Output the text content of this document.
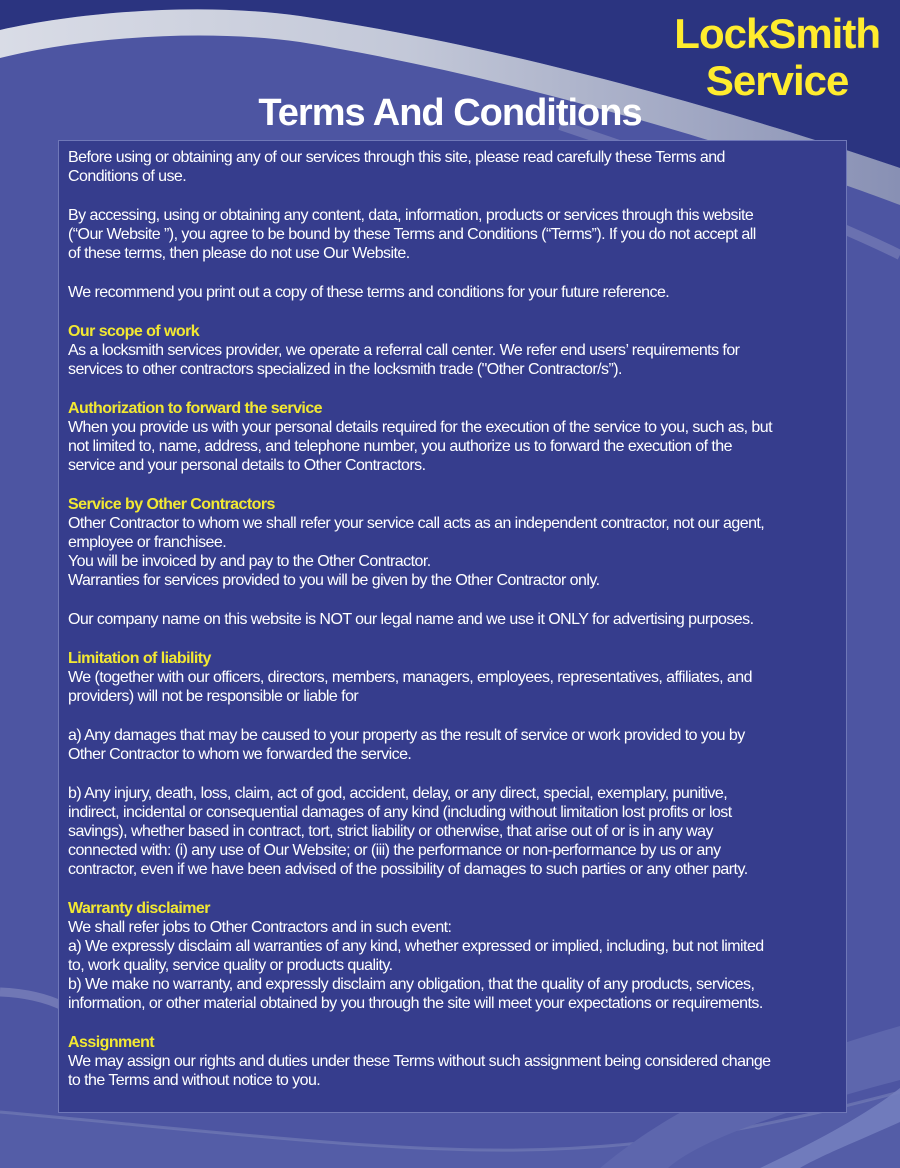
LockSmith
Service
Terms And Conditions
Before using or obtaining any of our services through this site, please read carefully these Terms and
Conditions of use.
By accessing, using or obtaining any content, data, information, products or services through this website
(“Our Website ”), you agree to be bound by these Terms and Conditions (“Terms”). If you do not accept all
of these terms, then please do not use Our Website.
We recommend you print out a copy of these terms and conditions for your future reference.
Our scope of work
As a locksmith services provider, we operate a referral call center. We refer end users’ requirements for
services to other contractors specialized in the locksmith trade ("Other Contractor/s”).
Authorization to forward the service
When you provide us with your personal details required for the execution of the service to you, such as, but
not limited to, name, address, and telephone number, you authorize us to forward the execution of the
service and your personal details to Other Contractors.
Service by Other Contractors
Other Contractor to whom we shall refer your service call acts as an independent contractor, not our agent,
employee or franchisee.
You will be invoiced by and pay to the Other Contractor.
Warranties for services provided to you will be given by the Other Contractor only.
Our company name on this website is NOT our legal name and we use it ONLY for advertising purposes.
Limitation of liability
We (together with our officers, directors, members, managers, employees, representatives, affiliates, and
providers) will not be responsible or liable for
a) Any damages that may be caused to your property as the result of service or work provided to you by
Other Contractor to whom we forwarded the service.
b) Any injury, death, loss, claim, act of god, accident, delay, or any direct, special, exemplary, punitive,
indirect, incidental or consequential damages of any kind (including without limitation lost profits or lost
savings), whether based in contract, tort, strict liability or otherwise, that arise out of or is in any way
connected with: (i) any use of Our Website; or (iii) the performance or non-performance by us or any
contractor, even if we have been advised of the possibility of damages to such parties or any other party.
Warranty disclaimer
We shall refer jobs to Other Contractors and in such event:
a) We expressly disclaim all warranties of any kind, whether expressed or implied, including, but not limited
to, work quality, service quality or products quality.
b) We make no warranty, and expressly disclaim any obligation, that the quality of any products, services,
information, or other material obtained by you through the site will meet your expectations or requirements.
Assignment
We may assign our rights and duties under these Terms without such assignment being considered change
to the Terms and without notice to you.
